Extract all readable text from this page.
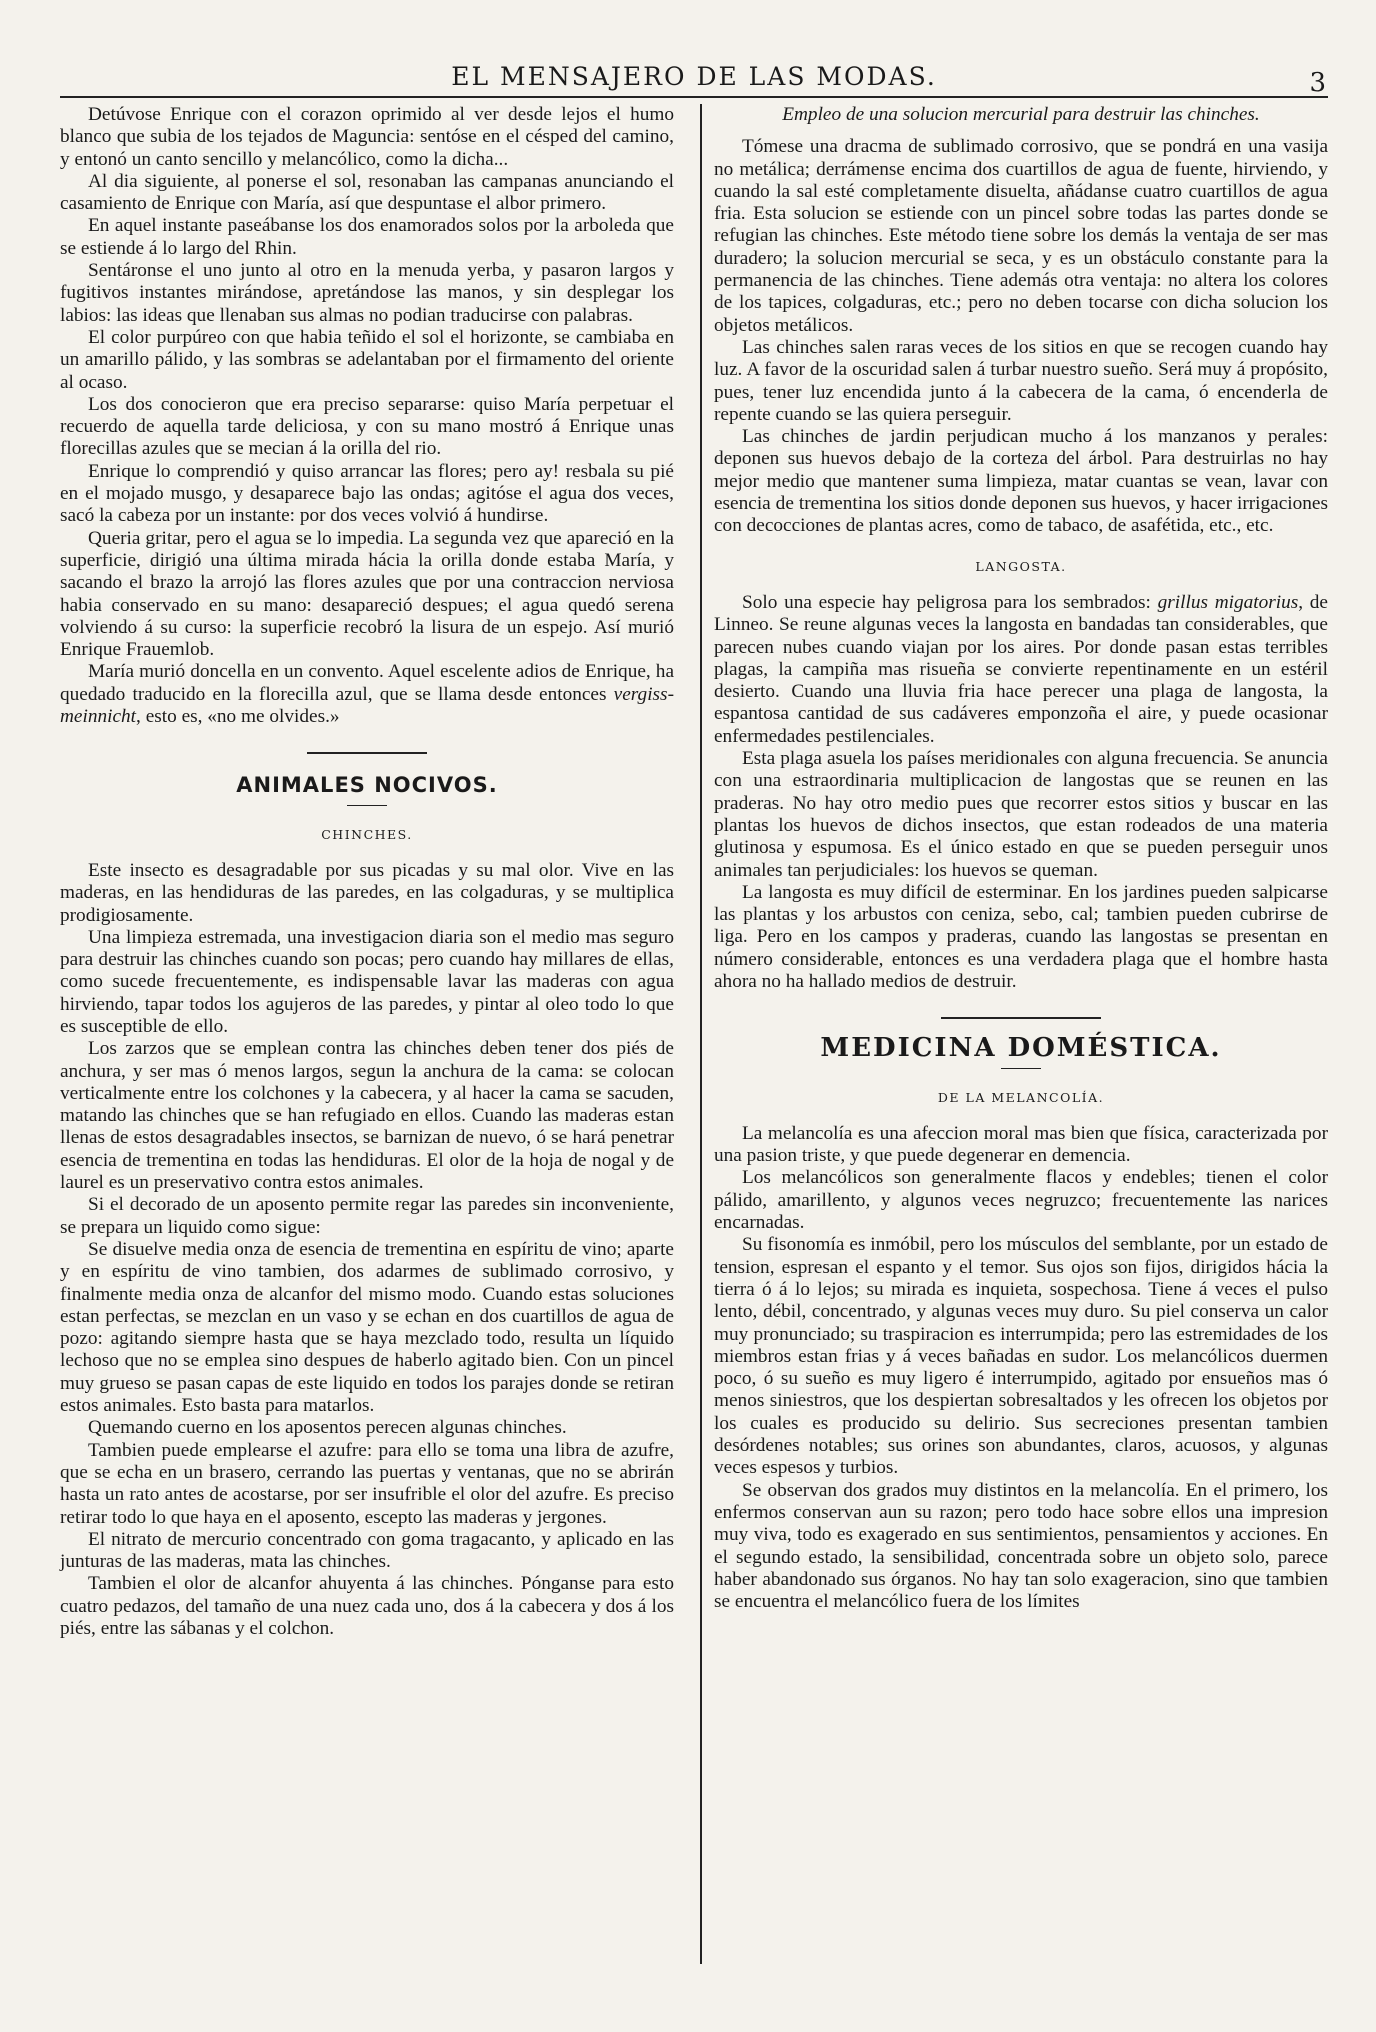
EL MENSAJERO DE LAS MODAS.	3

Detúvose Enrique con el corazon oprimido al ver desde lejos el humo blanco que subia de los tejados de Maguncia: sentóse en el césped del camino, y entonó un canto sencillo y melancólico, como la dicha...

Al dia siguiente, al ponerse el sol, resonaban las campanas anunciando el casamiento de Enrique con María, así que despuntase el albor primero.

En aquel instante paseábanse los dos enamorados solos por la arboleda que se estiende á lo largo del Rhin.

Sentáronse el uno junto al otro en la menuda yerba, y pasaron largos y fugitivos instantes mirándose, apretándose las manos, y sin desplegar los labios: las ideas que llenaban sus almas no podian traducirse con palabras.

El color purpúreo con que habia teñido el sol el horizonte, se cambiaba en un amarillo pálido, y las sombras se adelantaban por el firmamento del oriente al ocaso.

Los dos conocieron que era preciso separarse: quiso María perpetuar el recuerdo de aquella tarde deliciosa, y con su mano mostró á Enrique unas florecillas azules que se mecian á la orilla del rio.

Enrique lo comprendió y quiso arrancar las flores; pero ay! resbala su pié en el mojado musgo, y desaparece bajo las ondas; agitóse el agua dos veces, sacó la cabeza por un instante: por dos veces volvió á hundirse.

Queria gritar, pero el agua se lo impedia. La segunda vez que apareció en la superficie, dirigió una última mirada hácia la orilla donde estaba María, y sacando el brazo la arrojó las flores azules que por una contraccion nerviosa habia conservado en su mano: desapareció despues; el agua quedó serena volviendo á su curso: la superficie recobró la lisura de un espejo. Así murió Enrique Frauemlob.

María murió doncella en un convento. Aquel escelente adios de Enrique, ha quedado traducido en la florecilla azul, que se llama desde entonces vergiss-meinnicht, esto es, «no me olvides.»

ANIMALES NOCIVOS.
CHINCHES.

Este insecto es desagradable por sus picadas y su mal olor. Vive en las maderas, en las hendiduras de las paredes, en las colgaduras, y se multiplica prodigiosamente.

Una limpieza estremada, una investigacion diaria son el medio mas seguro para destruir las chinches cuando son pocas; pero cuando hay millares de ellas, como sucede frecuentemente, es indispensable lavar las maderas con agua hirviendo, tapar todos los agujeros de las paredes, y pintar al oleo todo lo que es susceptible de ello.

Los zarzos que se emplean contra las chinches deben tener dos piés de anchura, y ser mas ó menos largos, segun la anchura de la cama: se colocan verticalmente entre los colchones y la cabecera, y al hacer la cama se sacuden, matando las chinches que se han refugiado en ellos. Cuando las maderas estan llenas de estos desagradables insectos, se barnizan de nuevo, ó se hará penetrar esencia de trementina en todas las hendiduras. El olor de la hoja de nogal y de laurel es un preservativo contra estos animales.

Si el decorado de un aposento permite regar las paredes sin inconveniente, se prepara un liquido como sigue:

Se disuelve media onza de esencia de trementina en espíritu de vino; aparte y en espíritu de vino tambien, dos adarmes de sublimado corrosivo, y finalmente media onza de alcanfor del mismo modo. Cuando estas soluciones estan perfectas, se mezclan en un vaso y se echan en dos cuartillos de agua de pozo: agitando siempre hasta que se haya mezclado todo, resulta un líquido lechoso que no se emplea sino despues de haberlo agitado bien. Con un pincel muy grueso se pasan capas de este liquido en todos los parajes donde se retiran estos animales. Esto basta para matarlos.

Quemando cuerno en los aposentos perecen algunas chinches.

Tambien puede emplearse el azufre: para ello se toma una libra de azufre, que se echa en un brasero, cerrando las puertas y ventanas, que no se abrirán hasta un rato antes de acostarse, por ser insufrible el olor del azufre. Es preciso retirar todo lo que haya en el aposento, escepto las maderas y jergones.

El nitrato de mercurio concentrado con goma tragacanto, y aplicado en las junturas de las maderas, mata las chinches.

Tambien el olor de alcanfor ahuyenta á las chinches. Pónganse para esto cuatro pedazos, del tamaño de una nuez cada uno, dos á la cabecera y dos á los piés, entre las sábanas y el colchon.

Empleo de una solucion mercurial para destruir las chinches.

Tómese una dracma de sublimado corrosivo, que se pondrá en una vasija no metálica; derrámense encima dos cuartillos de agua de fuente, hirviendo, y cuando la sal esté completamente disuelta, añádanse cuatro cuartillos de agua fria. Esta solucion se estiende con un pincel sobre todas las partes donde se refugian las chinches. Este método tiene sobre los demás la ventaja de ser mas duradero; la solucion mercurial se seca, y es un obstáculo constante para la permanencia de las chinches. Tiene además otra ventaja: no altera los colores de los tapices, colgaduras, etc.; pero no deben tocarse con dicha solucion los objetos metálicos.

Las chinches salen raras veces de los sitios en que se recogen cuando hay luz. A favor de la oscuridad salen á turbar nuestro sueño. Será muy á propósito, pues, tener luz encendida junto á la cabecera de la cama, ó encenderla de repente cuando se las quiera perseguir.

Las chinches de jardin perjudican mucho á los manzanos y perales: deponen sus huevos debajo de la corteza del árbol. Para destruirlas no hay mejor medio que mantener suma limpieza, matar cuantas se vean, lavar con esencia de trementina los sitios donde deponen sus huevos, y hacer irrigaciones con decocciones de plantas acres, como de tabaco, de asafétida, etc., etc.

LANGOSTA.

Solo una especie hay peligrosa para los sembrados: grillus migatorius, de Linneo. Se reune algunas veces la langosta en bandadas tan considerables, que parecen nubes cuando viajan por los aires. Por donde pasan estas terribles plagas, la campiña mas risueña se convierte repentinamente en un estéril desierto. Cuando una lluvia fria hace perecer una plaga de langosta, la espantosa cantidad de sus cadáveres emponzoña el aire, y puede ocasionar enfermedades pestilenciales.

Esta plaga asuela los países meridionales con alguna frecuencia. Se anuncia con una estraordinaria multiplicacion de langostas que se reunen en las praderas. No hay otro medio pues que recorrer estos sitios y buscar en las plantas los huevos de dichos insectos, que estan rodeados de una materia glutinosa y espumosa. Es el único estado en que se pueden perseguir unos animales tan perjudiciales: los huevos se queman.

La langosta es muy difícil de esterminar. En los jardines pueden salpicarse las plantas y los arbustos con ceniza, sebo, cal; tambien pueden cubrirse de liga. Pero en los campos y praderas, cuando las langostas se presentan en número considerable, entonces es una verdadera plaga que el hombre hasta ahora no ha hallado medios de destruir.

MEDICINA DOMÉSTICA.
DE LA MELANCOLÍA.

La melancolía es una afeccion moral mas bien que física, caracterizada por una pasion triste, y que puede degenerar en demencia.

Los melancólicos son generalmente flacos y endebles; tienen el color pálido, amarillento, y algunos veces negruzco; frecuentemente las narices encarnadas.

Su fisonomía es inmóbil, pero los músculos del semblante, por un estado de tension, espresan el espanto y el temor. Sus ojos son fijos, dirigidos hácia la tierra ó á lo lejos; su mirada es inquieta, sospechosa. Tiene á veces el pulso lento, débil, concentrado, y algunas veces muy duro. Su piel conserva un calor muy pronunciado; su traspiracion es interrumpida; pero las estremidades de los miembros estan frias y á veces bañadas en sudor. Los melancólicos duermen poco, ó su sueño es muy ligero é interrumpido, agitado por ensueños mas ó menos siniestros, que los despiertan sobresaltados y les ofrecen los objetos por los cuales es producido su delirio. Sus secreciones presentan tambien desórdenes notables; sus orines son abundantes, claros, acuosos, y algunas veces espesos y turbios.

Se observan dos grados muy distintos en la melancolía. En el primero, los enfermos conservan aun su razon; pero todo hace sobre ellos una impresion muy viva, todo es exagerado en sus sentimientos, pensamientos y acciones. En el segundo estado, la sensibilidad, concentrada sobre un objeto solo, parece haber abandonado sus órganos. No hay tan solo exageracion, sino que tambien se encuentra el melancólico fuera de los límites
